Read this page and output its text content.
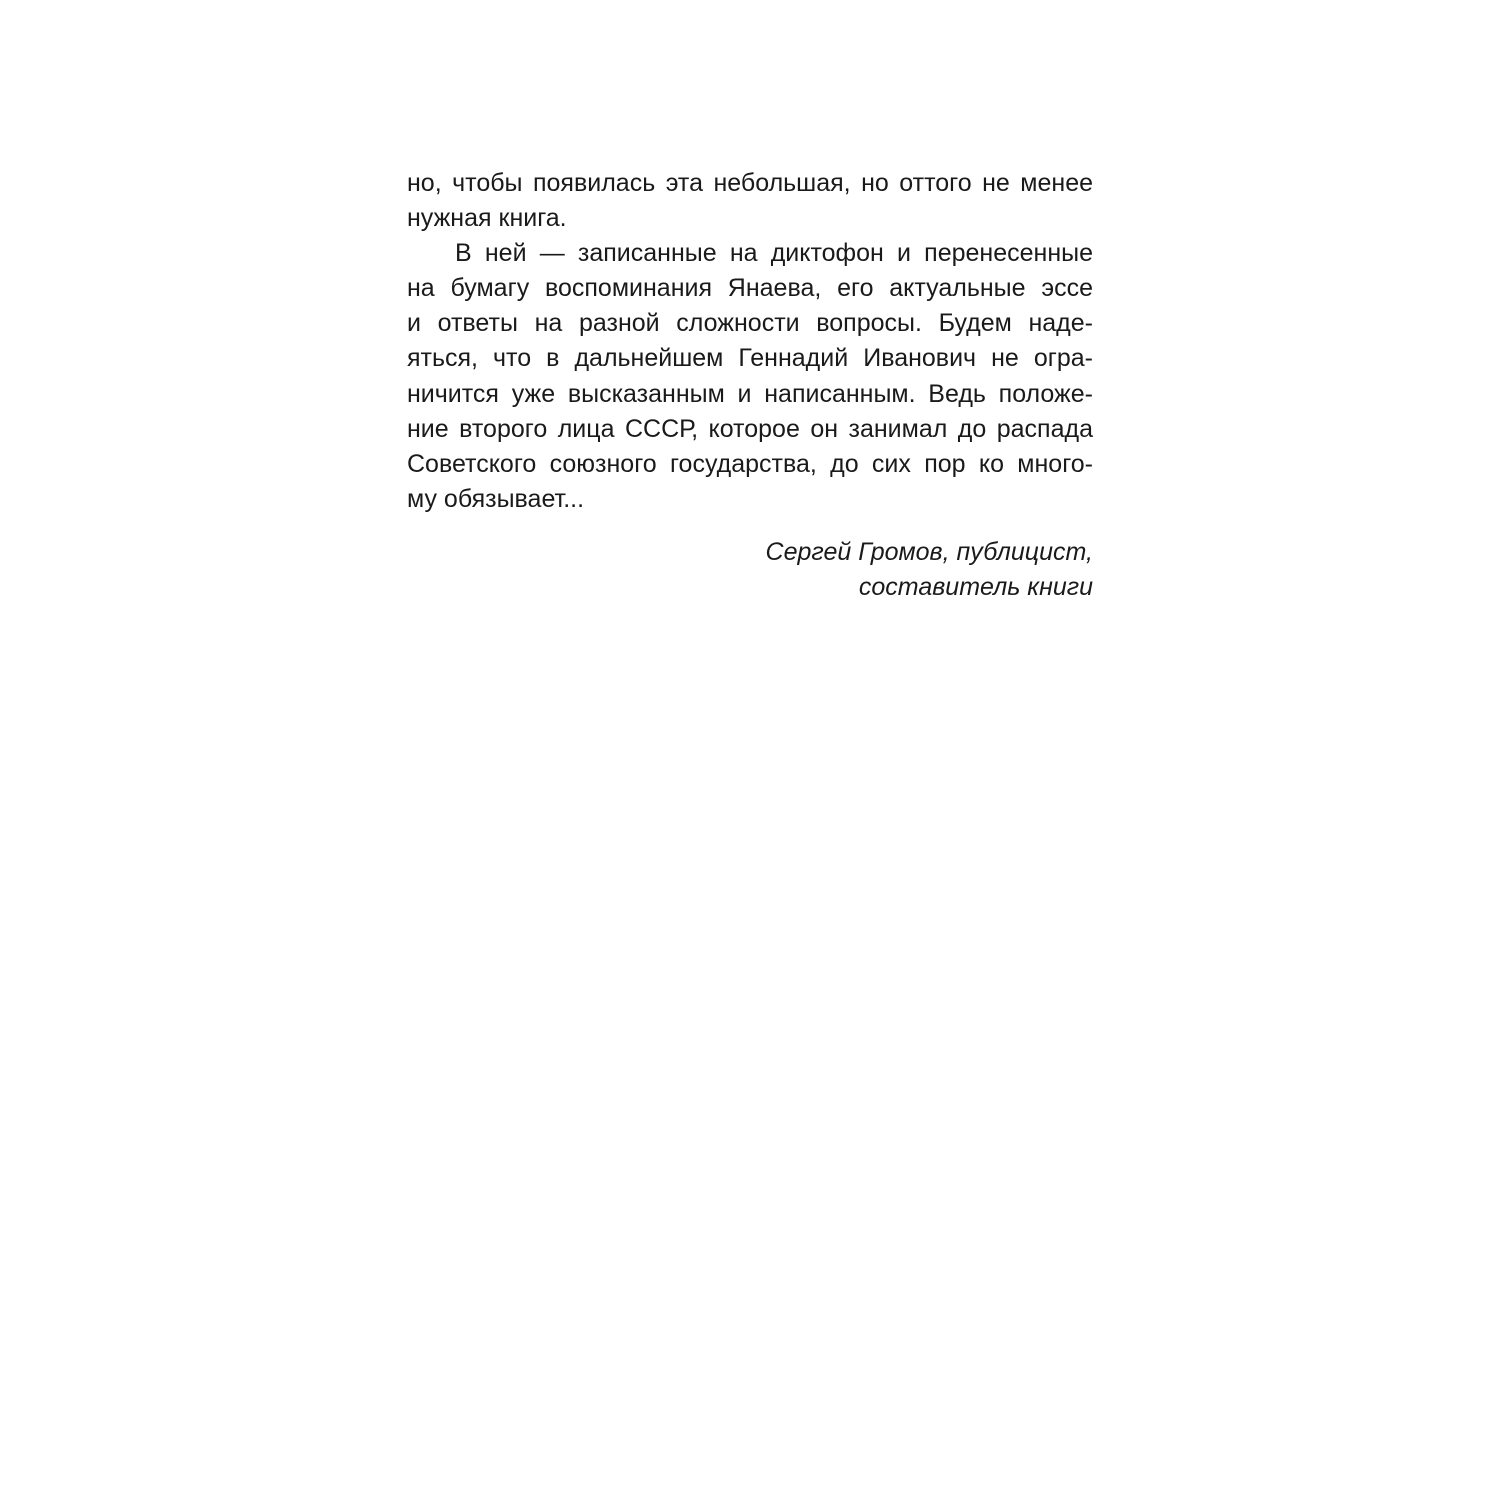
но, чтобы появилась эта небольшая, но оттого не менее
нужная книга.
В ней — записанные на диктофон и перенесенные
на бумагу воспоминания Янаева, его актуальные эссе
и ответы на разной сложности вопросы. Будем наде-
яться, что в дальнейшем Геннадий Иванович не огра-
ничится уже высказанным и написанным. Ведь положе-
ние второго лица СССР, которое он занимал до распада
Советского союзного государства, до сих пор ко много-
му обязывает...
Сергей Громов, публицист,
составитель книги
